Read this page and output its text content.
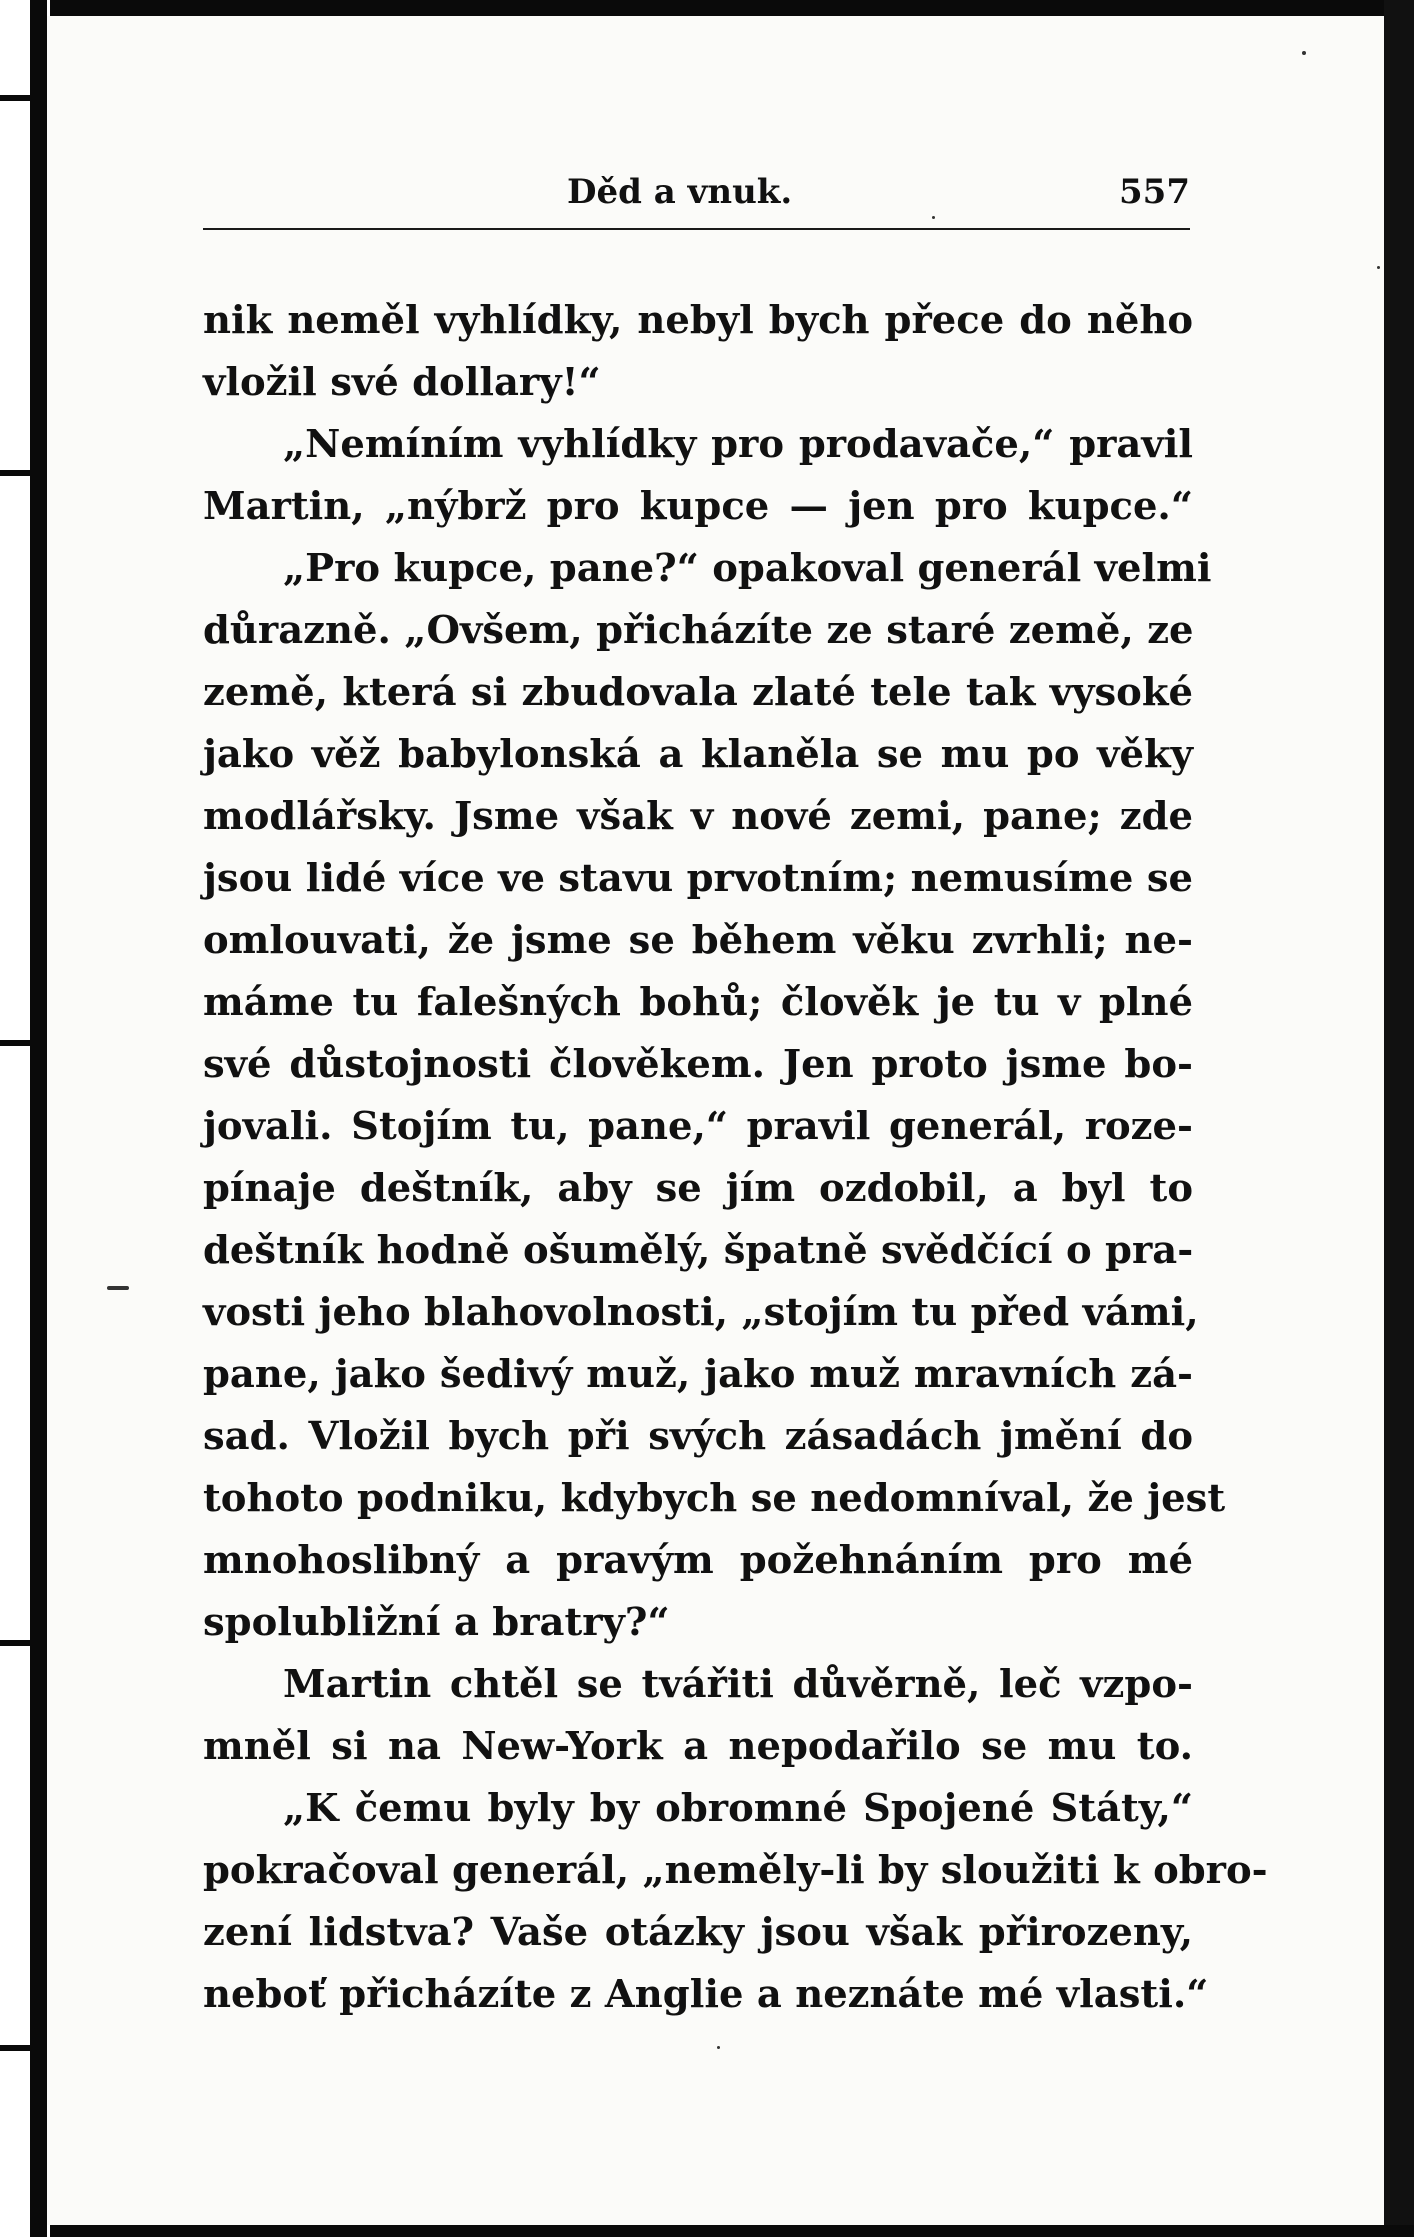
Děd a vnuk.	557
nik neměl vyhlídky, nebyl bych přece do něho
vložil své dollary!“
„Nemíním vyhlídky pro prodavače,“ pravil
Martin, „nýbrž pro kupce — jen pro kupce.“
„Pro kupce, pane?“ opakoval generál velmi
důrazně. „Ovšem, přicházíte ze staré země, ze
země, která si zbudovala zlaté tele tak vysoké
jako věž babylonská a klaněla se mu po věky
modlářsky. Jsme však v nové zemi, pane; zde
jsou lidé více ve stavu prvotním; nemusíme se
omlouvati, že jsme se během věku zvrhli; ne-
máme tu falešných bohů; člověk je tu v plné
své důstojnosti člověkem. Jen proto jsme bo-
jovali. Stojím tu, pane,“ pravil generál, roze-
pínaje deštník, aby se jím ozdobil, a byl to
deštník hodně ošumělý, špatně svědčící o pra-
vosti jeho blahovolnosti, „stojím tu před vámi,
pane, jako šedivý muž, jako muž mravních zá-
sad. Vložil bych při svých zásadách jmění do
tohoto podniku, kdybych se nedomníval, že jest
mnohoslibný a pravým požehnáním pro mé
spolubližní a bratry?“
Martin chtěl se tvářiti důvěrně, leč vzpo-
mněl si na New-York a nepodařilo se mu to.
„K čemu byly by obromné Spojené Státy,“
pokračoval generál, „neměly-li by sloužiti k obro-
zení lidstva? Vaše otázky jsou však přirozeny,
neboť přicházíte z Anglie a neznáte mé vlasti.“
